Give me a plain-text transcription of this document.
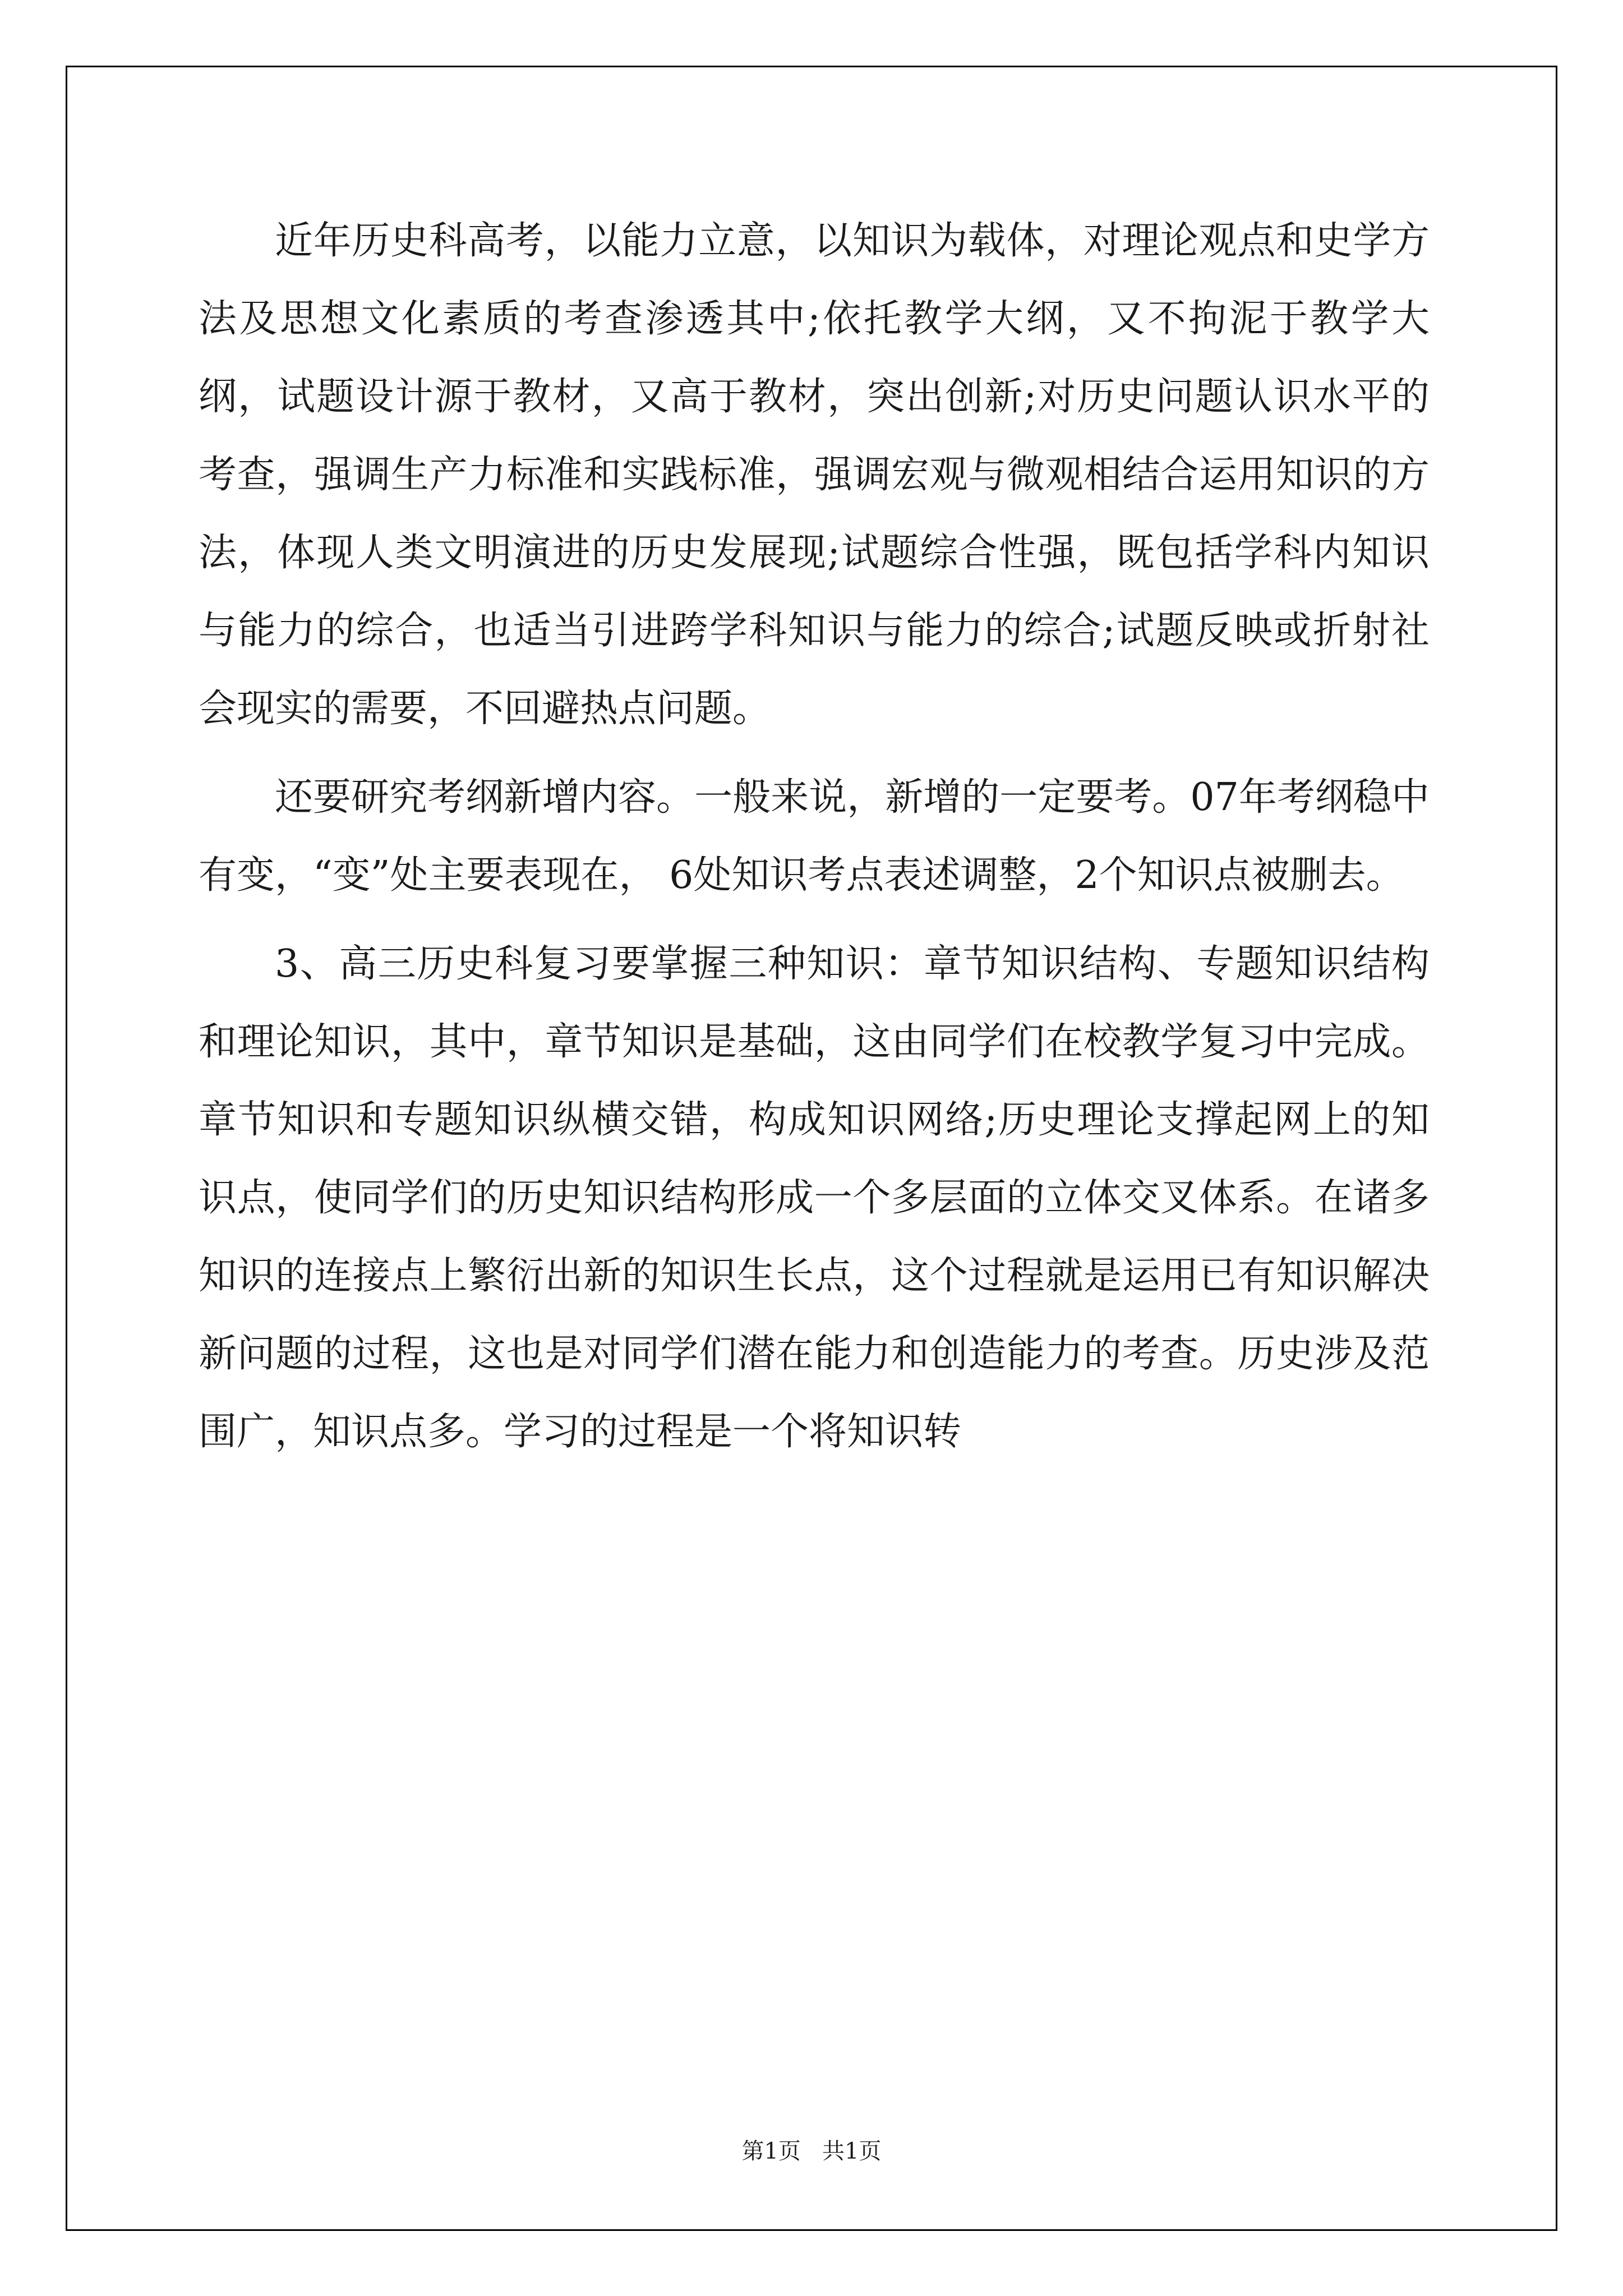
近年历史科高考，以能力立意，以知识为载体，对理论观点和史学方法及思想文化素质的考查渗透其中;依托教学大纲，又不拘泥于教学大纲，试题设计源于教材，又高于教材，突出创新;对历史问题认识水平的考查，强调生产力标准和实践标准，强调宏观与微观相结合运用知识的方法，体现人类文明演进的历史发展现;试题综合性强，既包括学科内知识与能力的综合，也适当引进跨学科知识与能力的综合;试题反映或折射社会现实的需要，不回避热点问题。

还要研究考纲新增内容。一般来说，新增的一定要考。07年考纲稳中有变，“变”处主要表现在， 6处知识考点表述调整，2个知识点被删去。

3、高三历史科复习要掌握三种知识：章节知识结构、专题知识结构和理论知识，其中，章节知识是基础，这由同学们在校教学复习中完成。章节知识和专题知识纵横交错，构成知识网络;历史理论支撑起网上的知识点，使同学们的历史知识结构形成一个多层面的立体交叉体系。在诸多知识的连接点上繁衍出新的知识生长点，这个过程就是运用已有知识解决新问题的过程，这也是对同学们潜在能力和创造能力的考查。历史涉及范围广，知识点多。学习的过程是一个将知识转

第1页   共1页
